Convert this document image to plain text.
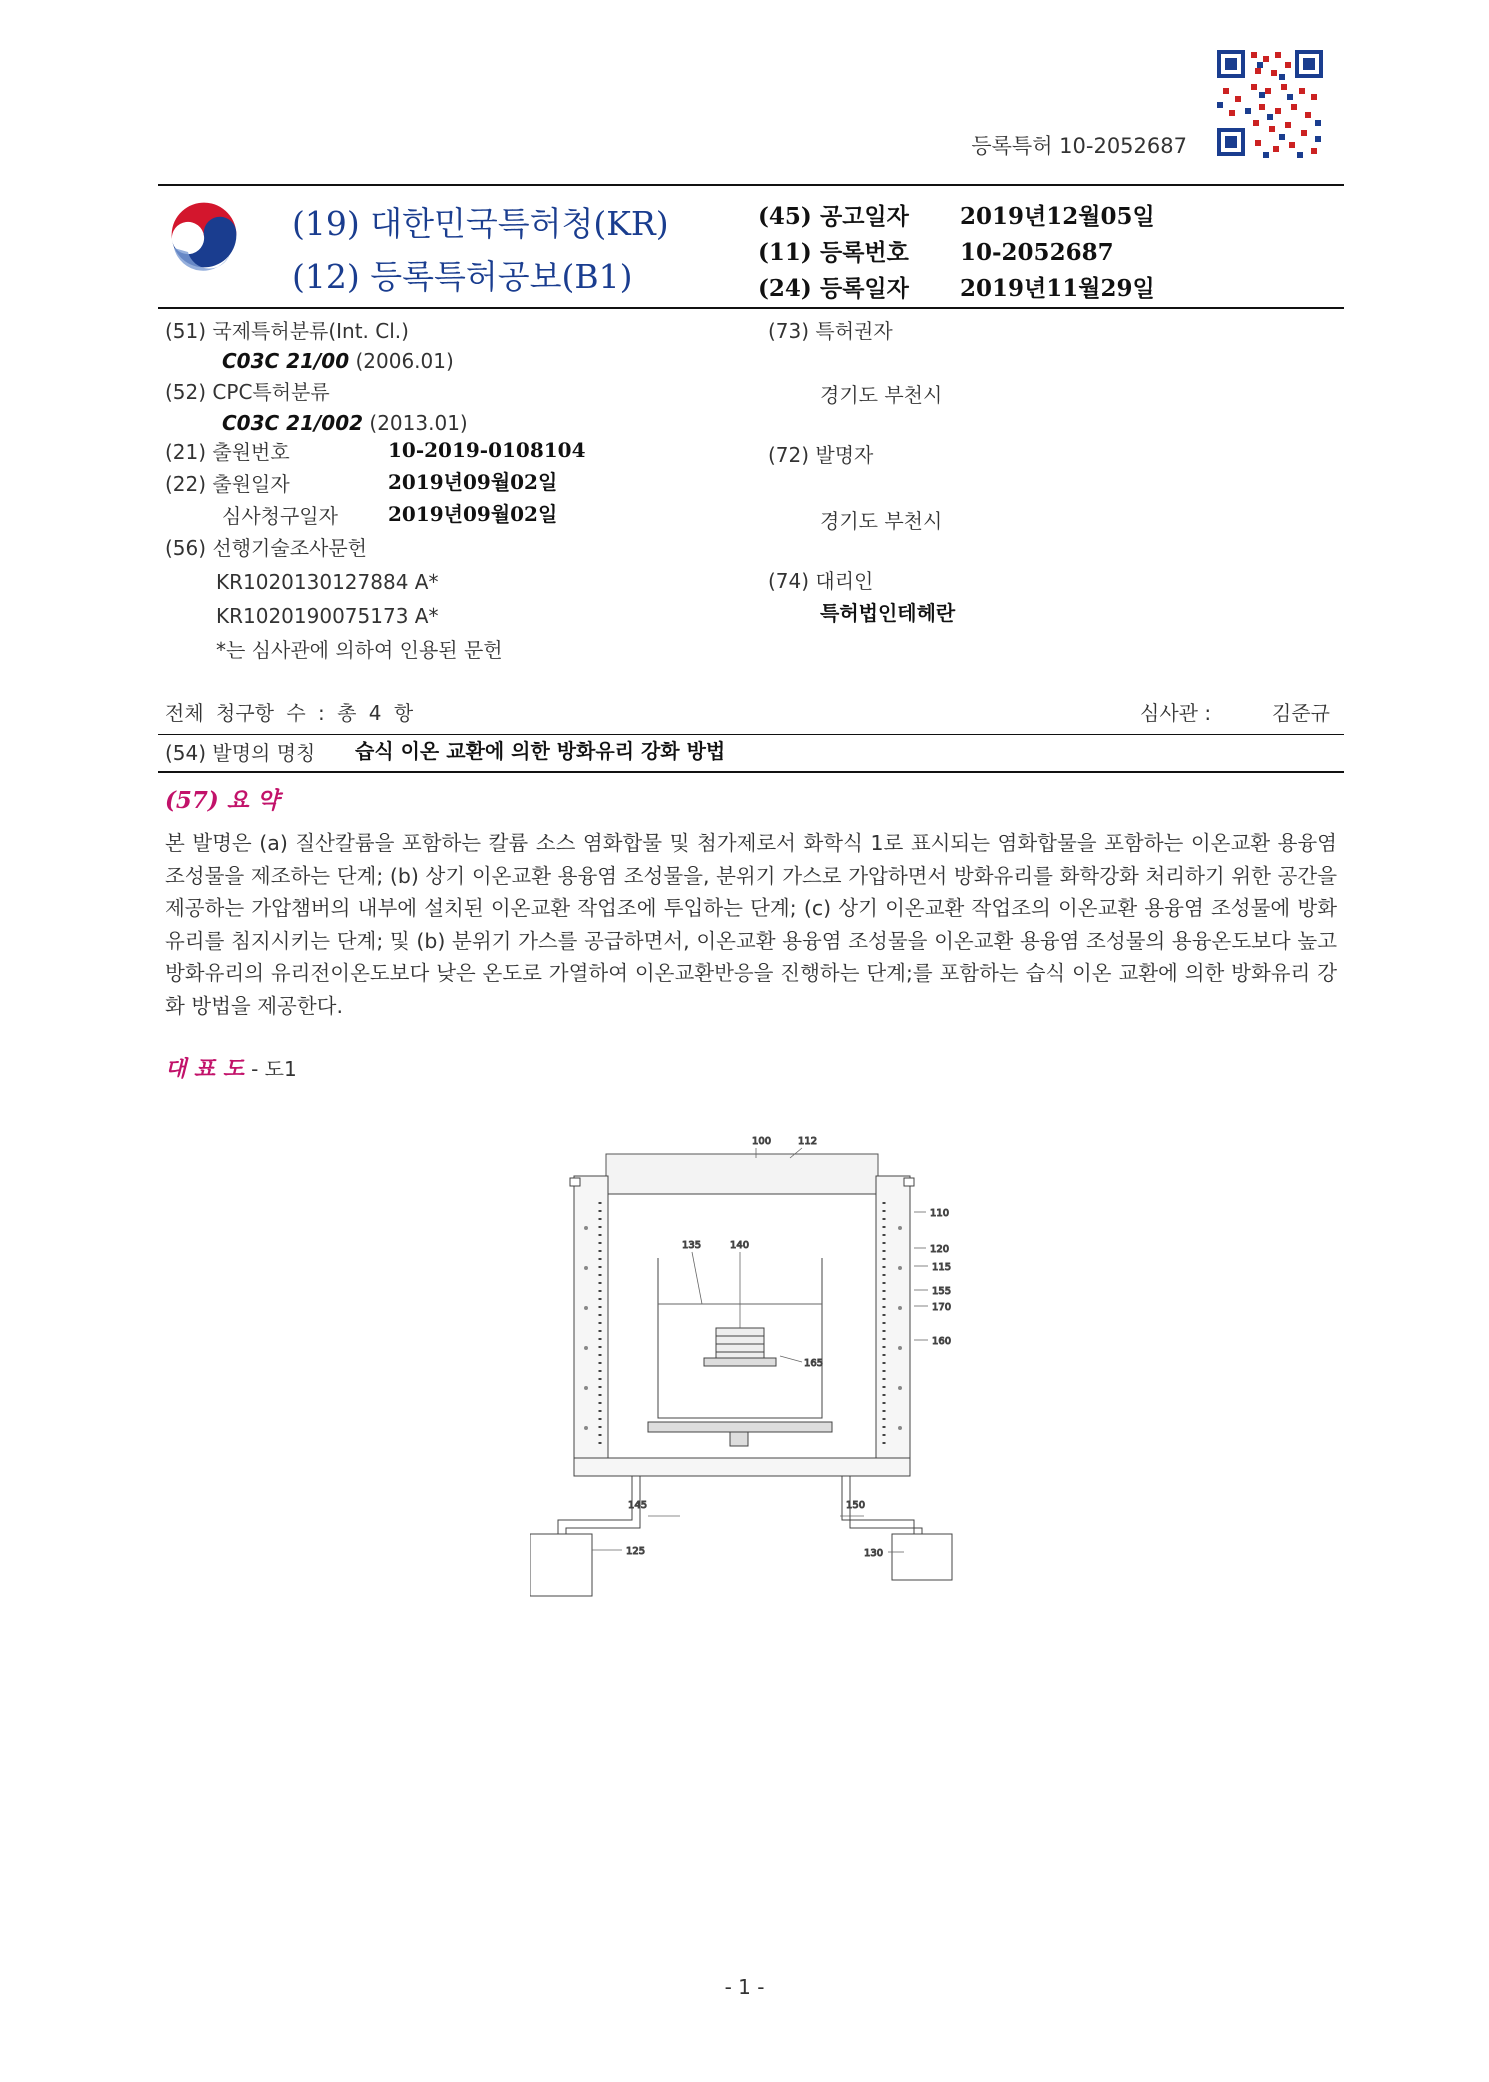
등록특허 10-2052687
(19) 대한민국특허청(KR)
(12) 등록특허공보(B1)
(45) 공고일자 2019년12월05일
(11) 등록번호 10-2052687
(24) 등록일자 2019년11월29일
(51) 국제특허분류(Int. Cl.)
C03C 21/00 (2006.01)
(52) CPC특허분류
C03C 21/002 (2013.01)
(21) 출원번호	10-2019-0108104
(22) 출원일자	2019년09월02일
심사청구일자	2019년09월02일
(56) 선행기술조사문헌
KR1020130127884 A*
KR1020190075173 A*
*는 심사관에 의하여 인용된 문헌
(73) 특허권자
경기도 부천시
(72) 발명자
경기도 부천시
(74) 대리인
특허법인테헤란
전체 청구항 수 : 총 4 항	심사관 :	김준규
(54) 발명의 명칭 습식 이온 교환에 의한 방화유리 강화 방법
(57) 요 약
본 발명은 (a) 질산칼륨을 포함하는 칼륨 소스 염화합물 및 첨가제로서 화학식 1로 표시되는 염화합물을 포함하는 이온교환 용융염 조성물을 제조하는 단계; (b) 상기 이온교환 용융염 조성물을, 분위기 가스로 가압하면서 방화유리를 화학강화 처리하기 위한 공간을 제공하는 가압챔버의 내부에 설치된 이온교환 작업조에 투입하는 단계; (c) 상기 이온교환 작업조의 이온교환 용융염 조성물에 방화유리를 침지시키는 단계; 및 (b) 분위기 가스를 공급하면서, 이온교환 용융염 조성물을 이온교환 용융염 조성물의 용융온도보다 높고 방화유리의 유리전이온도보다 낮은 온도로 가열하여 이온교환반응을 진행하는 단계;를 포함하는 습식 이온 교환에 의한 방화유리 강화 방법을 제공한다.
대 표 도 - 도1
100	112
110
120
115
155
170
160
135	140
165
145	150
125	130
- 1 -
